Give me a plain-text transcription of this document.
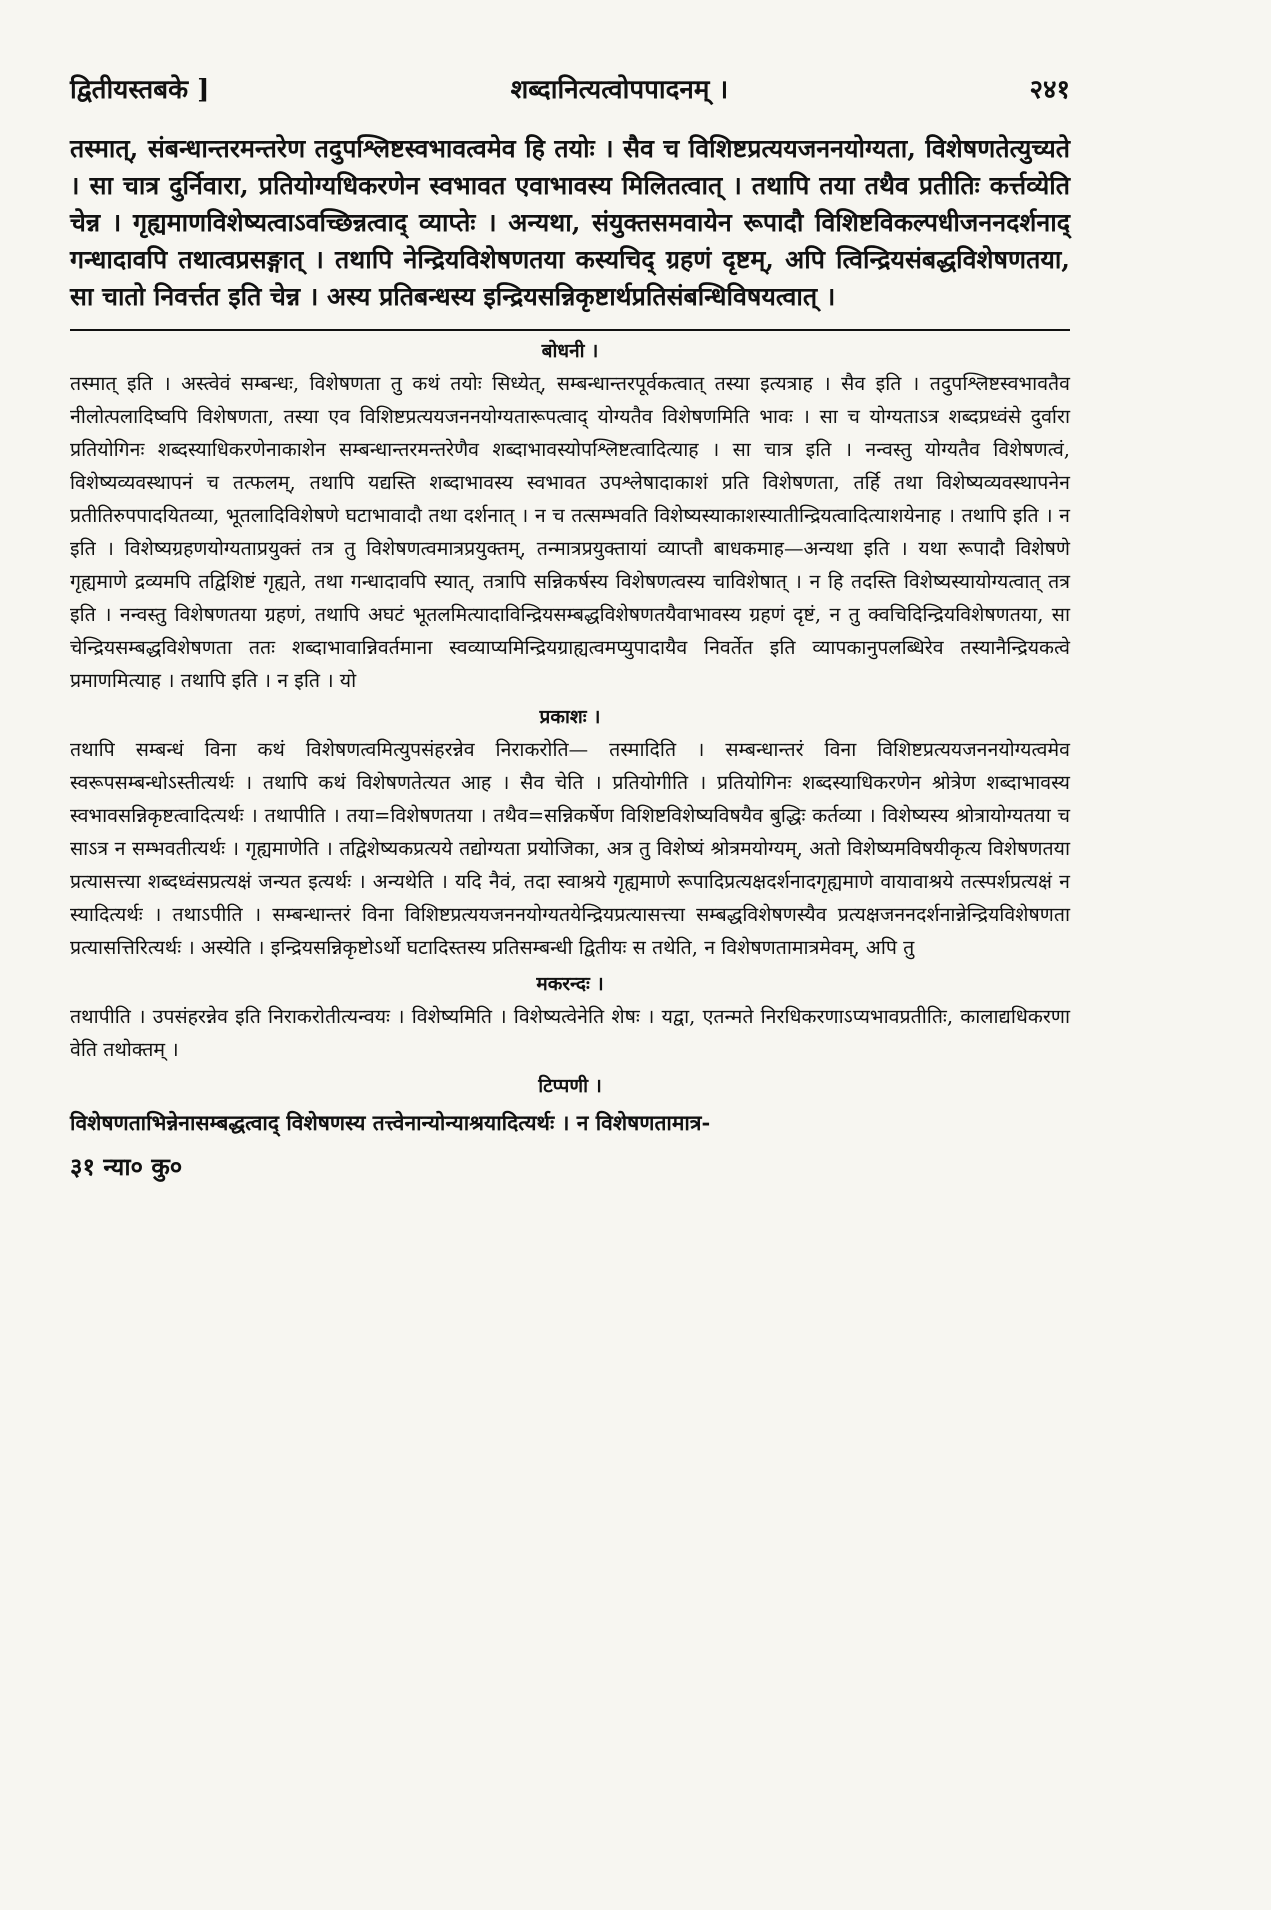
द्वितीयस्तबके ]	शब्दानित्यत्वोपपादनम् ।	२४१
तस्मात्, संबन्धान्तरमन्तरेण तदुपश्लिष्टस्वभावत्वमेव हि तयोः । सैव च विशिष्टप्रत्ययजननयोग्यता, विशेषणतेत्युच्यते । सा चात्र दुर्निवारा, प्रतियोग्यधिकरणेन स्वभावत एवाभावस्य मिलितत्वात् । तथापि तया तथैव प्रतीतिः कर्त्तव्येति चेन्न । गृह्यमाणविशेष्यत्वाऽवच्छिन्नत्वाद् व्याप्तेः । अन्यथा, संयुक्तसमवायेन रूपादौ विशिष्टविकल्पधीजननदर्शनाद् गन्धादावपि तथात्वप्रसङ्गात् । तथापि नेन्द्रियविशेषणतया कस्यचिद् ग्रहणं दृष्टम्, अपि त्विन्द्रियसंबद्धविशेषणतया, सा चातो निवर्त्तत इति चेन्न । अस्य प्रतिबन्धस्य इन्द्रियसन्निकृष्टार्थप्रतिसंबन्धिविषयत्वात् ।
बोधनी ।
तस्मात् इति । अस्त्वेवं सम्बन्धः, विशेषणता तु कथं तयोः सिध्येत्, सम्बन्धान्तरपूर्वकत्वात् तस्या इत्यत्राह । सैव इति । तदुपश्लिष्टस्वभावतैव नीलोत्पलादिष्वपि विशेषणता, तस्या एव विशिष्टप्रत्ययजननयोग्यतारूपत्वाद् योग्यतैव विशेषणमिति भावः । सा च योग्यताऽत्र शब्दप्रध्वंसे दुर्वारा प्रतियोगिनः शब्दस्याधिकरणेनाकाशेन सम्बन्धान्तरमन्तरेणैव शब्दाभावस्योपश्लिष्टत्वादित्याह । सा चात्र इति । नन्वस्तु योग्यतैव विशेषणत्वं, विशेष्यव्यवस्थापनं च तत्फलम्, तथापि यद्यस्ति शब्दाभावस्य स्वभावत उपश्लेषादाकाशं प्रति विशेषणता, तर्हि तथा विशेष्यव्यवस्थापनेन प्रतीतिरुपपादयितव्या, भूतलादिविशेषणे घटाभावादौ तथा दर्शनात् । न च तत्सम्भवति विशेष्यस्याकाशस्यातीन्द्रियत्वादित्याशयेनाह । तथापि इति । न इति । विशेष्यग्रहणयोग्यताप्रयुक्तं तत्र तु विशेषणत्वमात्रप्रयुक्तम्, तन्मात्रप्रयुक्तायां व्याप्तौ बाधकमाह—अन्यथा इति । यथा रूपादौ विशेषणे गृह्यमाणे द्रव्यमपि तद्विशिष्टं गृह्यते, तथा गन्धादावपि स्यात्, तत्रापि सन्निकर्षस्य विशेषणत्वस्य चाविशेषात् । न हि तदस्ति विशेष्यस्यायोग्यत्वात् तत्र इति । नन्वस्तु विशेषणतया ग्रहणं, तथापि अघटं भूतलमित्यादाविन्द्रियसम्बद्धविशेषणतयैवाभावस्य ग्रहणं दृष्टं, न तु क्वचिदिन्द्रियविशेषणतया, सा चेन्द्रियसम्बद्धविशेषणता ततः शब्दाभावान्निवर्तमाना स्वव्याप्यमिन्द्रियग्राह्यत्वमप्युपादायैव निवर्तेत इति व्यापकानुपलब्धिरेव तस्यानैन्द्रियकत्वे प्रमाणमित्याह । तथापि इति । न इति । यो
प्रकाशः ।
तथापि सम्बन्धं विना कथं विशेषणत्वमित्युपसंहरन्नेव निराकरोति— तस्मादिति । सम्बन्धान्तरं विना विशिष्टप्रत्ययजननयोग्यत्वमेव स्वरूपसम्बन्धोऽस्तीत्यर्थः । तथापि कथं विशेषणतेत्यत आह । सैव चेति । प्रतियोगीति । प्रतियोगिनः शब्दस्याधिकरणेन श्रोत्रेण शब्दाभावस्य स्वभावसन्निकृष्टत्वादित्यर्थः । तथापीति । तया=विशेषणतया । तथैव=सन्निकर्षेण विशिष्टविशेष्यविषयैव बुद्धिः कर्तव्या । विशेष्यस्य श्रोत्रायोग्यतया च साऽत्र न सम्भवतीत्यर्थः । गृह्यमाणेति । तद्विशेष्यकप्रत्यये तद्योग्यता प्रयोजिका, अत्र तु विशेष्यं श्रोत्रमयोग्यम्, अतो विशेष्यमविषयीकृत्य विशेषणतया प्रत्यासत्त्या शब्दध्वंसप्रत्यक्षं जन्यत इत्यर्थः । अन्यथेति । यदि नैवं, तदा स्वाश्रये गृह्यमाणे रूपादिप्रत्यक्षदर्शनादगृह्यमाणे वायावाश्रये तत्स्पर्शप्रत्यक्षं न स्यादित्यर्थः । तथाऽपीति । सम्बन्धान्तरं विना विशिष्टप्रत्ययजननयोग्यतयेन्द्रियप्रत्यासत्त्या सम्बद्धविशेषणस्यैव प्रत्यक्षजननदर्शनान्नेन्द्रियविशेषणता प्रत्यासत्तिरित्यर्थः । अस्येति । इन्द्रियसन्निकृष्टोऽर्थो घटादिस्तस्य प्रतिसम्बन्धी द्वितीयः स तथेति, न विशेषणतामात्रमेवम्, अपि तु
मकरन्दः ।
तथापीति । उपसंहरन्नेव इति निराकरोतीत्यन्वयः । विशेष्यमिति । विशेष्यत्वेनेति शेषः । यद्वा, एतन्मते निरधिकरणाऽप्यभावप्रतीतिः, कालाद्यधिकरणा वेति तथोक्तम् ।
टिप्पणी ।
विशेषणताभिन्नेनासम्बद्धत्वाद् विशेषणस्य तत्त्वेनान्योन्याश्रयादित्यर्थः । न विशेषणतामात्र-
३१ न्या० कु०
